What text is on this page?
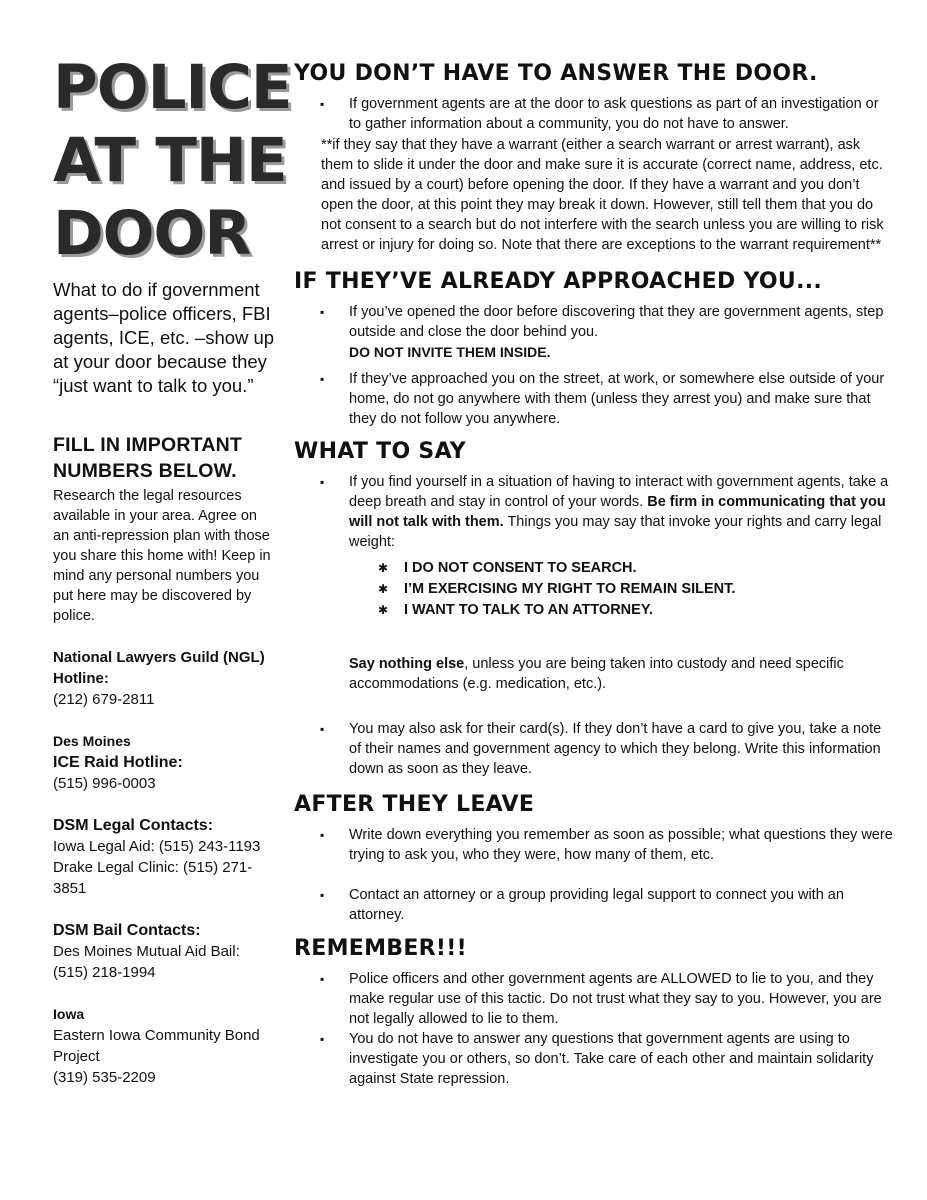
POLICE
AT THE
DOOR
What to do if government agents–police officers, FBI agents, ICE, etc. –show up at your door because they “just want to talk to you.”
FILL IN IMPORTANT NUMBERS BELOW.
Research the legal resources available in your area. Agree on an anti-repression plan with those you share this home with! Keep in mind any personal numbers you put here may be discovered by police.
National Lawyers Guild (NGL) Hotline:
(212) 679-2811
Des Moines
ICE Raid Hotline:
(515) 996-0003
DSM Legal Contacts:
Iowa Legal Aid: (515) 243-1193
Drake Legal Clinic: (515) 271-3851
DSM Bail Contacts:
Des Moines Mutual Aid Bail:
(515) 218-1994
Iowa
Eastern Iowa Community Bond Project
(319) 535-2209
YOU DON’T HAVE TO ANSWER THE DOOR.
▪ If government agents are at the door to ask questions as part of an investigation or to gather information about a community, you do not have to answer.
**if they say that they have a warrant (either a search warrant or arrest warrant), ask them to slide it under the door and make sure it is accurate (correct name, address, etc. and issued by a court) before opening the door. If they have a warrant and you don’t open the door, at this point they may break it down. However, still tell them that you do not consent to a search but do not interfere with the search unless you are willing to risk arrest or injury for doing so. Note that there are exceptions to the warrant requirement**
IF THEY’VE ALREADY APPROACHED YOU...
▪ If you’ve opened the door before discovering that they are government agents, step outside and close the door behind you.
DO NOT INVITE THEM INSIDE.
▪ If they’ve approached you on the street, at work, or somewhere else outside of your home, do not go anywhere with them (unless they arrest you) and make sure that they do not follow you anywhere.
WHAT TO SAY
▪ If you find yourself in a situation of having to interact with government agents, take a deep breath and stay in control of your words. Be firm in communicating that you will not talk with them. Things you may say that invoke your rights and carry legal weight:
✱ I DO NOT CONSENT TO SEARCH.
✱ I’M EXERCISING MY RIGHT TO REMAIN SILENT.
✱ I WANT TO TALK TO AN ATTORNEY.
Say nothing else, unless you are being taken into custody and need specific accommodations (e.g. medication, etc.).
▪ You may also ask for their card(s). If they don’t have a card to give you, take a note of their names and government agency to which they belong. Write this information down as soon as they leave.
AFTER THEY LEAVE
▪ Write down everything you remember as soon as possible; what questions they were trying to ask you, who they were, how many of them, etc.
▪ Contact an attorney or a group providing legal support to connect you with an attorney.
REMEMBER!!!
▪ Police officers and other government agents are ALLOWED to lie to you, and they make regular use of this tactic. Do not trust what they say to you. However, you are not legally allowed to lie to them.
▪ You do not have to answer any questions that government agents are using to investigate you or others, so don’t. Take care of each other and maintain solidarity against State repression.
